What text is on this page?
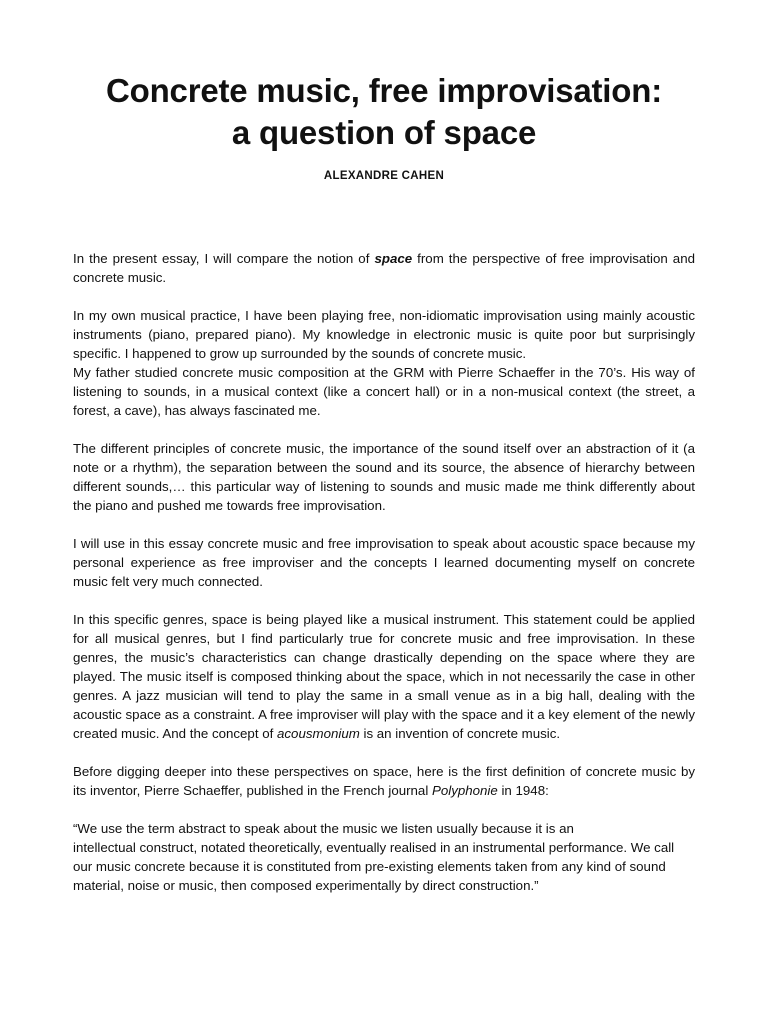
Concrete music, free improvisation:
a question of space
ALEXANDRE CAHEN

In the present essay, I will compare the notion of space from the perspective of free improvisation and concrete music.

In my own musical practice, I have been playing free, non-idiomatic improvisation using mainly acoustic instruments (piano, prepared piano). My knowledge in electronic music is quite poor but surprisingly specific. I happened to grow up surrounded by the sounds of concrete music.
My father studied concrete music composition at the GRM with Pierre Schaeffer in the 70’s. His way of listening to sounds, in a musical context (like a concert hall) or in a non-musical context (the street, a forest, a cave), has always fascinated me.

The different principles of concrete music, the importance of the sound itself over an abstraction of it (a note or a rhythm), the separation between the sound and its source, the absence of hierarchy between different sounds,… this particular way of listening to sounds and music made me think differently about the piano and pushed me towards free improvisation.

I will use in this essay concrete music and free improvisation to speak about acoustic space because my personal experience as free improviser and the concepts I learned documenting myself on concrete music felt very much connected.

In this specific genres, space is being played like a musical instrument. This statement could be applied for all musical genres, but I find particularly true for concrete music and free improvisation. In these genres, the music’s characteristics can change drastically depending on the space where they are played. The music itself is composed thinking about the space, which in not necessarily the case in other genres. A jazz musician will tend to play the same in a small venue as in a big hall, dealing with the acoustic space as a constraint. A free improviser will play with the space and it a key element of the newly created music. And the concept of acousmonium is an invention of concrete music.

Before digging deeper into these perspectives on space, here is the first definition of concrete music by its inventor, Pierre Schaeffer, published in the French journal Polyphonie in 1948:

“We use the term abstract to speak about the music we listen usually because it is an
intellectual construct, notated theoretically, eventually realised in an instrumental performance. We call our music concrete because it is constituted from pre-existing elements taken from any kind of sound material, noise or music, then composed experimentally by direct construction.”
